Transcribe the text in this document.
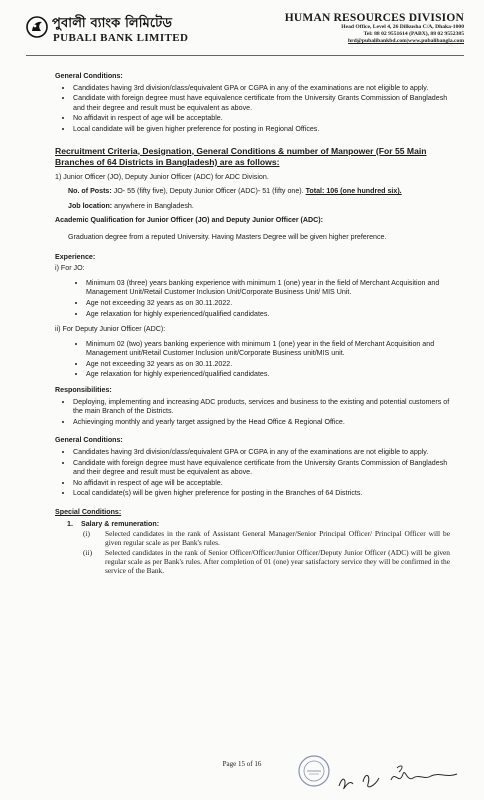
পুবালী ব্যাংক লিমিটেড
PUBALI BANK LIMITED
HUMAN RESOURCES DIVISION
Head Office, Level 4, 26 Dilkusha C/A, Dhaka-1000
Tel: 88 02 9551614 (PABX), 88 02 9552385
hrd@pubalibankbd.com|www.pubalibangla.com
General Conditions:
• Candidates having 3rd division/class/equivalent GPA or CGPA in any of the examinations are not eligible to apply.
• Candidate with foreign degree must have equivalence certificate from the University Grants Commission of Bangladesh and their degree and result must be equivalent as above.
• No affidavit in respect of age will be acceptable.
• Local candidate will be given higher preference for posting in Regional Offices.
Recruitment Criteria, Designation, General Conditions & number of Manpower (For 55 Main Branches of 64 Districts in Bangladesh) are as follows:
1) Junior Officer (JO), Deputy Junior Officer (ADC) for ADC Division.
No. of Posts: JO- 55 (fifty five), Deputy Junior Officer (ADC)- 51 (fifty one). Total: 106 (one hundred six).
Job location: anywhere in Bangladesh.
Academic Qualification for Junior Officer (JO) and Deputy Junior Officer (ADC):
Graduation degree from a reputed University. Having Masters Degree will be given higher preference.
Experience:
i) For JO:
• Minimum 03 (three) years banking experience with minimum 1 (one) year in the field of Merchant Acquisition and Management Unit/Retail Customer Inclusion Unit/Corporate Business Unit/ MIS Unit.
• Age not exceeding 32 years as on 30.11.2022.
• Age relaxation for highly experienced/qualified candidates.
ii) For Deputy Junior Officer (ADC):
• Minimum 02 (two) years banking experience with minimum 1 (one) year in the field of Merchant Acquisition and Management unit/Retail Customer Inclusion unit/Corporate Business unit/MIS unit.
• Age not exceeding 32 years as on 30.11.2022.
• Age relaxation for highly experienced/qualified candidates.
Responsibilities:
• Deploying, implementing and increasing ADC products, services and business to the existing and potential customers of the main Branch of the Districts.
• Achievinging monthly and yearly target assigned by the Head Office & Regional Office.
General Conditions:
• Candidates having 3rd division/class/equivalent GPA or CGPA in any of the examinations are not eligible to apply.
• Candidate with foreign degree must have equivalence certificate from the University Grants Commission of Bangladesh and their degree and result must be equivalent as above.
• No affidavit in respect of age will be acceptable.
• Local candidate(s) will be given higher preference for posting in the Branches of 64 Districts.
Special Conditions:
1. Salary & remuneration:
(i)	Selected candidates in the rank of Assistant General Manager/Senior Principal Officer/ Principal Officer will be given regular scale as per Bank's rules.
(ii)	Selected candidates in the rank of Senior Officer/Officer/Junior Officer/Deputy Junior Officer (ADC) will be given regular scale as per Bank's rules. After completion of 01 (one) year satisfactory service they will be confirmed in the service of the Bank.
Page 15 of 16
